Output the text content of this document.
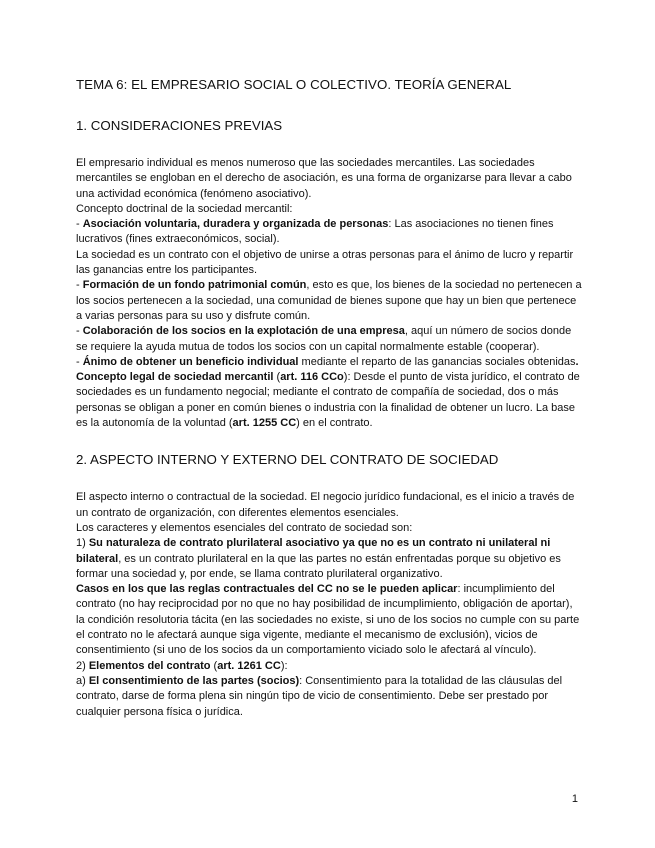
TEMA 6: EL EMPRESARIO SOCIAL O COLECTIVO. TEORÍA GENERAL
1. CONSIDERACIONES PREVIAS

El empresario individual es menos numeroso que las sociedades mercantiles. Las sociedades mercantiles se engloban en el derecho de asociación, es una forma de organizarse para llevar a cabo una actividad económica (fenómeno asociativo).

Concepto doctrinal de la sociedad mercantil:

- Asociación voluntaria, duradera y organizada de personas: Las asociaciones no tienen fines lucrativos (fines extraeconómicos, social).

La sociedad es un contrato con el objetivo de unirse a otras personas para el ánimo de lucro y repartir las ganancias entre los participantes.

- Formación de un fondo patrimonial común, esto es que, los bienes de la sociedad no pertenecen a los socios pertenecen a la sociedad, una comunidad de bienes supone que hay un bien que pertenece a varias personas para su uso y disfrute común.

- Colaboración de los socios en la explotación de una empresa, aquí un número de socios donde se requiere la ayuda mutua de todos los socios con un capital normalmente estable (cooperar).

- Ánimo de obtener un beneficio individual mediante el reparto de las ganancias sociales obtenidas. Concepto legal de sociedad mercantil (art. 116 CCo): Desde el punto de vista jurídico, el contrato de sociedades es un fundamento negocial; mediante el contrato de compañía de sociedad, dos o más personas se obligan a poner en común bienes o industria con la finalidad de obtener un lucro. La base es la autonomía de la voluntad (art. 1255 CC) en el contrato.

2. ASPECTO INTERNO Y EXTERNO DEL CONTRATO DE SOCIEDAD

El aspecto interno o contractual de la sociedad. El negocio jurídico fundacional, es el inicio a través de un contrato de organización, con diferentes elementos esenciales.

Los caracteres y elementos esenciales del contrato de sociedad son:

1) Su naturaleza de contrato plurilateral asociativo ya que no es un contrato ni unilateral ni bilateral, es un contrato plurilateral en la que las partes no están enfrentadas porque su objetivo es formar una sociedad y, por ende, se llama contrato plurilateral organizativo.

Casos en los que las reglas contractuales del CC no se le pueden aplicar: incumplimiento del contrato (no hay reciprocidad por no que no hay posibilidad de incumplimiento, obligación de aportar), la condición resolutoria tácita (en las sociedades no existe, si uno de los socios no cumple con su parte el contrato no le afectará aunque siga vigente, mediante el mecanismo de exclusión), vicios de consentimiento (si uno de los socios da un comportamiento viciado solo le afectará al vínculo).

2) Elementos del contrato (art. 1261 CC):

a) El consentimiento de las partes (socios): Consentimiento para la totalidad de las cláusulas del contrato, darse de forma plena sin ningún tipo de vicio de consentimiento. Debe ser prestado por cualquier persona física o jurídica.

1
